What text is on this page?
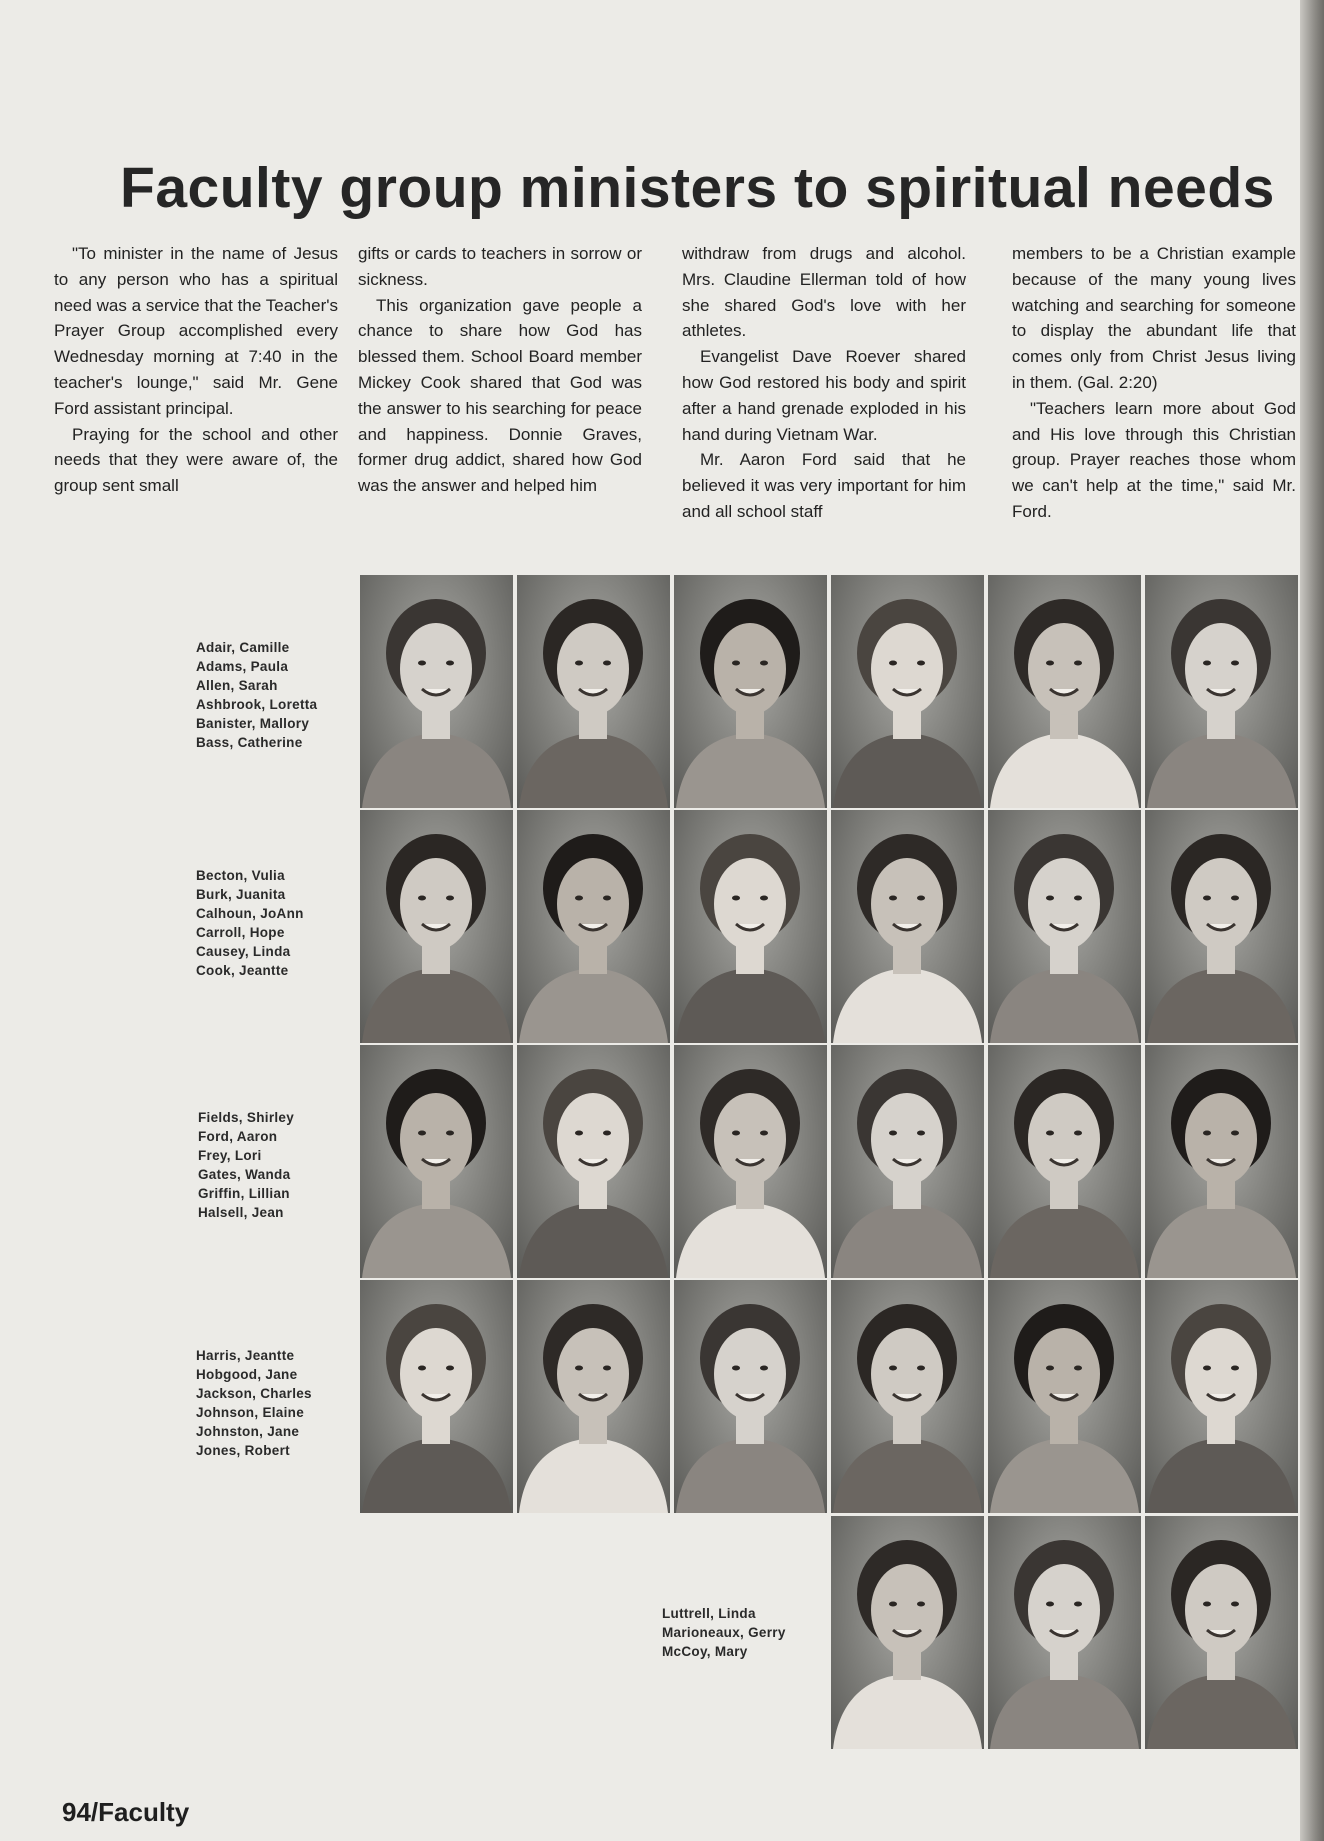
Faculty group ministers to spiritual needs

"To minister in the name of Jesus to any person who has a spiritual need was a service that the Teacher's Prayer Group accomplished every Wednesday morning at 7:40 in the teacher's lounge," said Mr. Gene Ford assistant principal.

Praying for the school and other needs that they were aware of, the group sent small

gifts or cards to teachers in sorrow or sickness.

This organization gave people a chance to share how God has blessed them. School Board member Mickey Cook shared that God was the answer to his searching for peace and happiness. Donnie Graves, former drug addict, shared how God was the answer and helped him

withdraw from drugs and alcohol. Mrs. Claudine Ellerman told of how she shared God's love with her athletes.

Evangelist Dave Roever shared how God restored his body and spirit after a hand grenade exploded in his hand during Vietnam War.

Mr. Aaron Ford said that he believed it was very important for him and all school staff

members to be a Christian example because of the many young lives watching and searching for someone to display the abundant life that comes only from Christ Jesus living in them. (Gal. 2:20)

"Teachers learn more about God and His love through this Christian group. Prayer reaches those whom we can't help at the time," said Mr. Ford.

Adair, Camille
Adams, Paula
Allen, Sarah
Ashbrook, Loretta
Banister, Mallory
Bass, Catherine
Becton, Vulia
Burk, Juanita
Calhoun, JoAnn
Carroll, Hope
Causey, Linda
Cook, Jeantte
Fields, Shirley
Ford, Aaron
Frey, Lori
Gates, Wanda
Griffin, Lillian
Halsell, Jean
Harris, Jeantte
Hobgood, Jane
Jackson, Charles
Johnson, Elaine
Johnston, Jane
Jones, Robert
Luttrell, Linda
Marioneaux, Gerry
McCoy, Mary
94/Faculty
